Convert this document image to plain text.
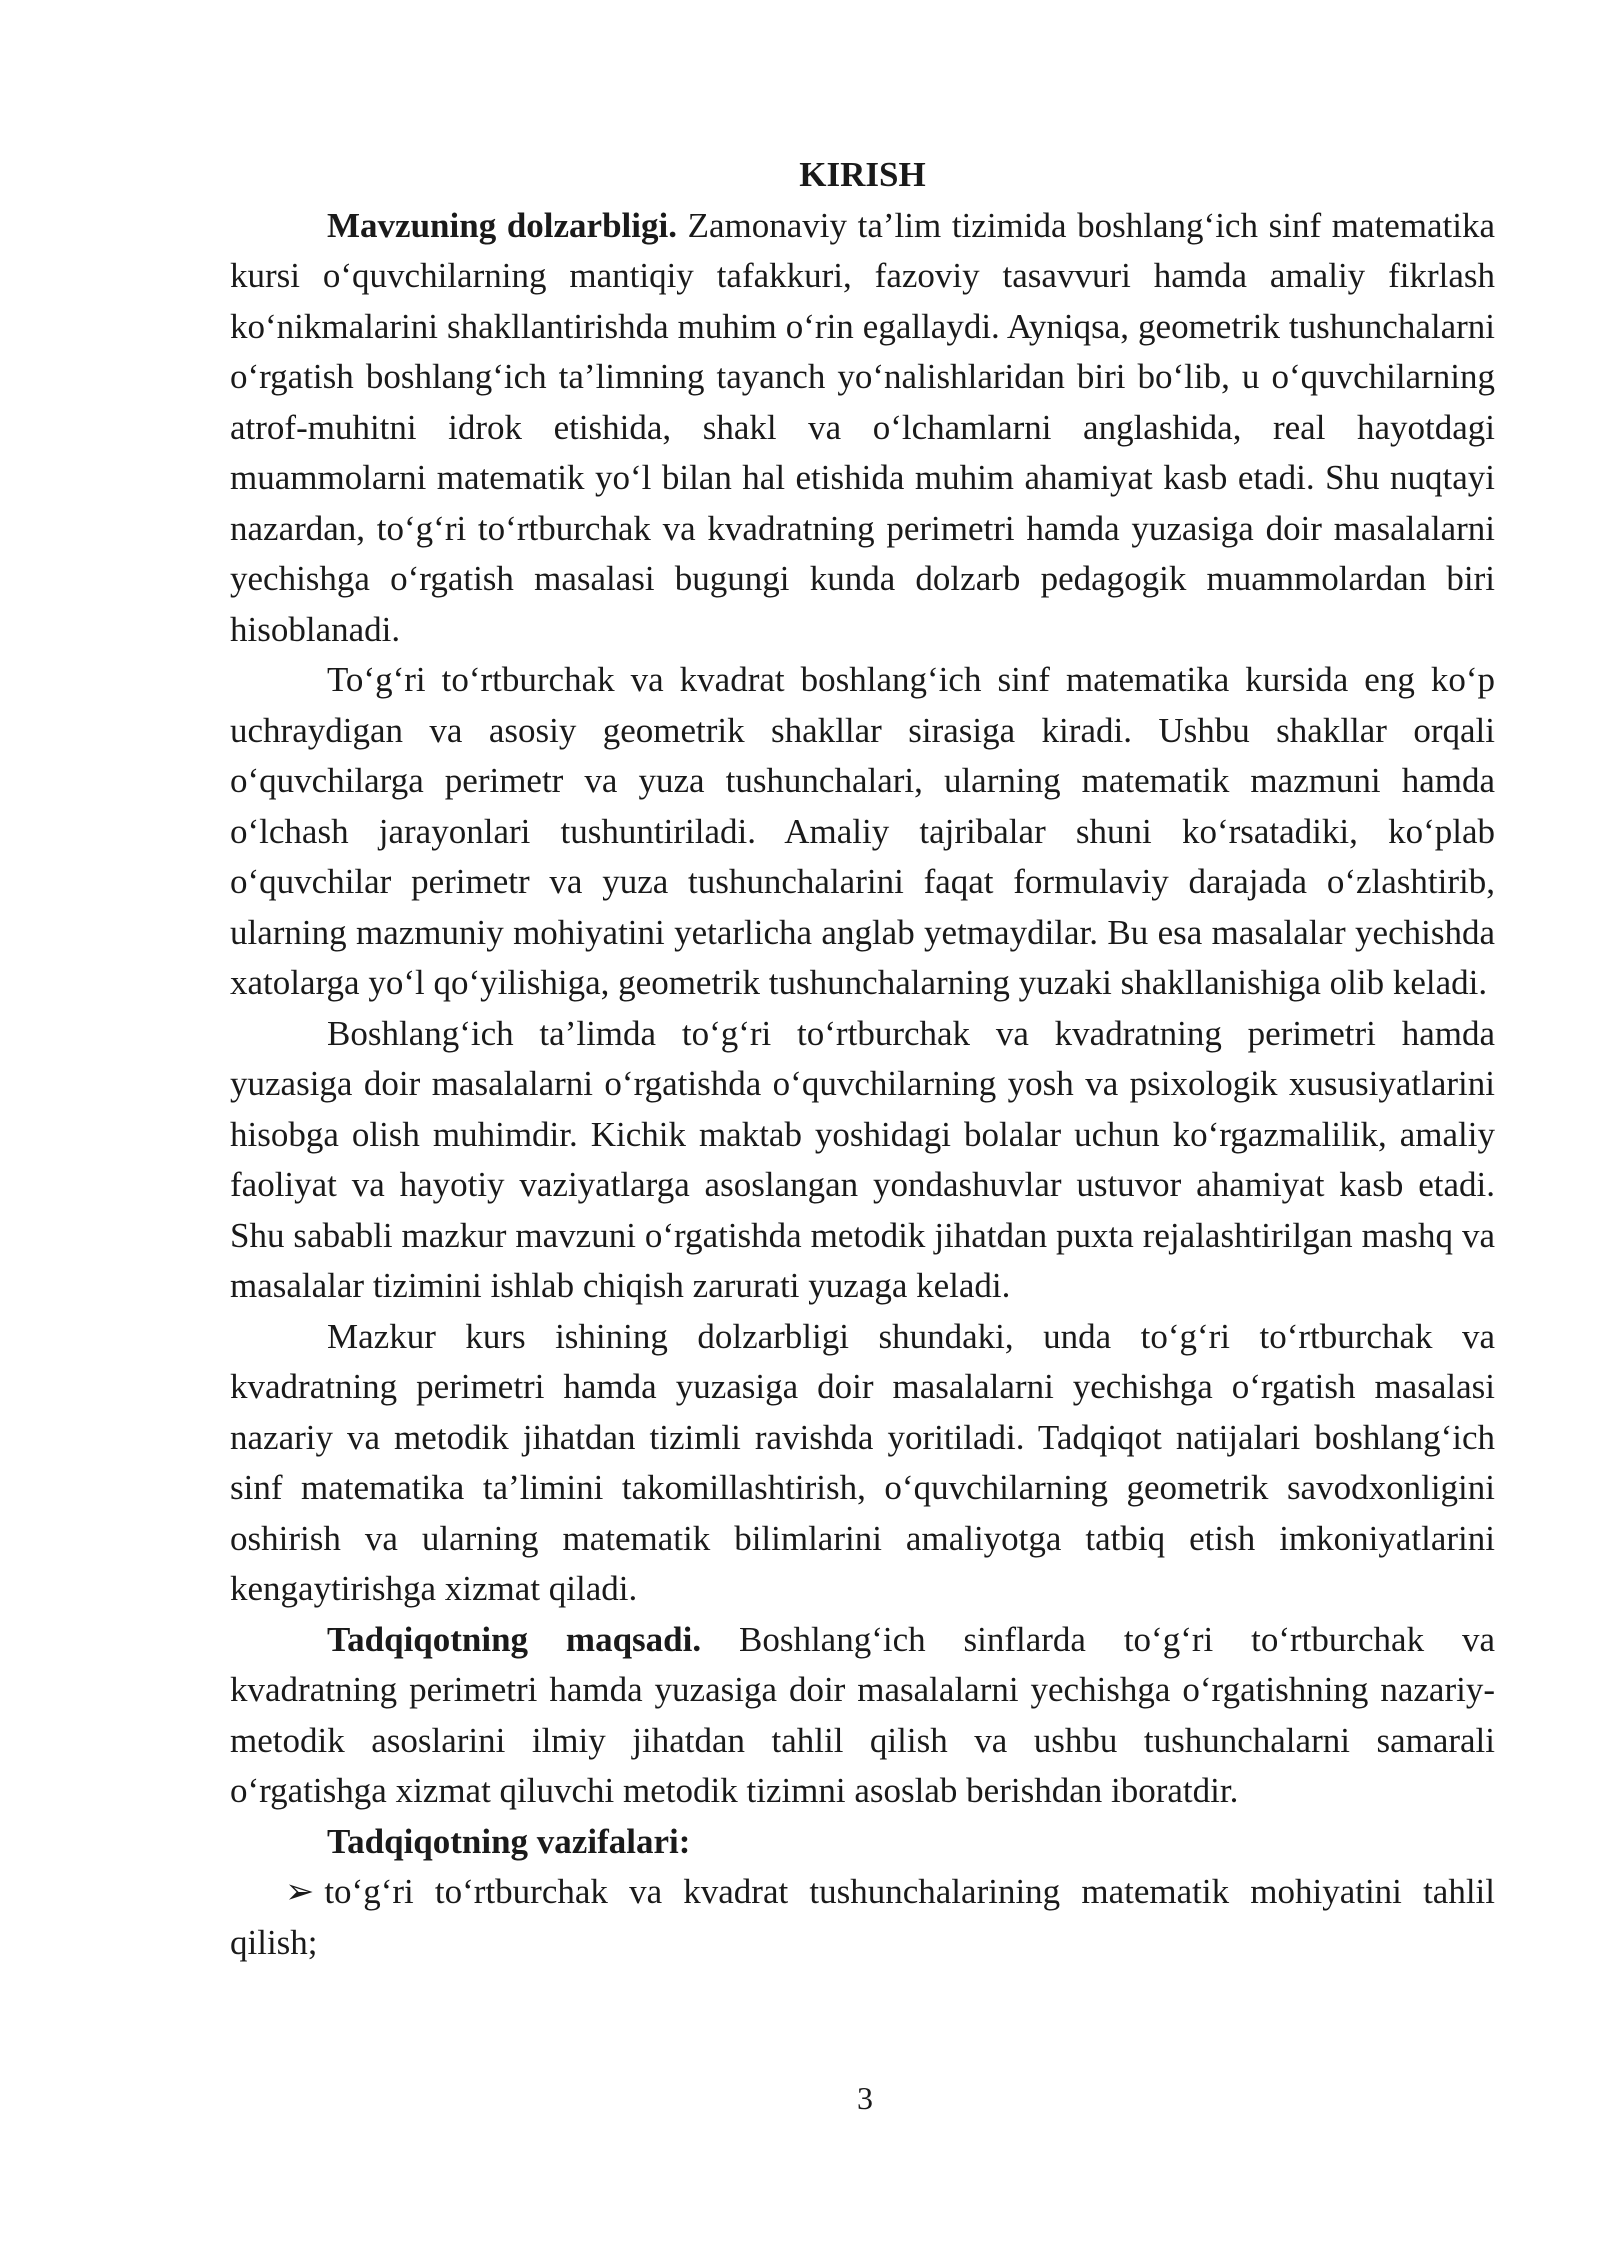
KIRISH

Mavzuning dolzarbligi. Zamonaviy ta’lim tizimida boshlang‘ich sinf matematika kursi o‘quvchilarning mantiqiy tafakkuri, fazoviy tasavvuri hamda amaliy fikrlash ko‘nikmalarini shakllantirishda muhim o‘rin egallaydi. Ayniqsa, geometrik tushunchalarni o‘rgatish boshlang‘ich ta’limning tayanch yo‘nalishlaridan biri bo‘lib, u o‘quvchilarning atrof-muhitni idrok etishida, shakl va o‘lchamlarni anglashida, real hayotdagi muammolarni matematik yo‘l bilan hal etishida muhim ahamiyat kasb etadi. Shu nuqtayi nazardan, to‘g‘ri to‘rtburchak va kvadratning perimetri hamda yuzasiga doir masalalarni yechishga o‘rgatish masalasi bugungi kunda dolzarb pedagogik muammolardan biri hisoblanadi.

To‘g‘ri to‘rtburchak va kvadrat boshlang‘ich sinf matematika kursida eng ko‘p uchraydigan va asosiy geometrik shakllar sirasiga kiradi. Ushbu shakllar orqali o‘quvchilarga perimetr va yuza tushunchalari, ularning matematik mazmuni hamda o‘lchash jarayonlari tushuntiriladi. Amaliy tajribalar shuni ko‘rsatadiki, ko‘plab o‘quvchilar perimetr va yuza tushunchalarini faqat formulaviy darajada o‘zlashtirib, ularning mazmuniy mohiyatini yetarlicha anglab yetmaydilar. Bu esa masalalar yechishda xatolarga yo‘l qo‘yilishiga, geometrik tushunchalarning yuzaki shakllanishiga olib keladi.

Boshlang‘ich ta’limda to‘g‘ri to‘rtburchak va kvadratning perimetri hamda yuzasiga doir masalalarni o‘rgatishda o‘quvchilarning yosh va psixologik xususiyatlarini hisobga olish muhimdir. Kichik maktab yoshidagi bolalar uchun ko‘rgazmalilik, amaliy faoliyat va hayotiy vaziyatlarga asoslangan yondashuvlar ustuvor ahamiyat kasb etadi. Shu sababli mazkur mavzuni o‘rgatishda metodik jihatdan puxta rejalashtirilgan mashq va masalalar tizimini ishlab chiqish zarurati yuzaga keladi.

Mazkur kurs ishining dolzarbligi shundaki, unda to‘g‘ri to‘rtburchak va kvadratning perimetri hamda yuzasiga doir masalalarni yechishga o‘rgatish masalasi nazariy va metodik jihatdan tizimli ravishda yoritiladi. Tadqiqot natijalari boshlang‘ich sinf matematika ta’limini takomillashtirish, o‘quvchilarning geometrik savodxonligini oshirish va ularning matematik bilimlarini amaliyotga tatbiq etish imkoniyatlarini kengaytirishga xizmat qiladi.

Tadqiqotning maqsadi. Boshlang‘ich sinflarda to‘g‘ri to‘rtburchak va kvadratning perimetri hamda yuzasiga doir masalalarni yechishga o‘rgatishning nazariy-metodik asoslarini ilmiy jihatdan tahlil qilish va ushbu tushunchalarni samarali o‘rgatishga xizmat qiluvchi metodik tizimni asoslab berishdan iboratdir.

Tadqiqotning vazifalari:

➢ to‘g‘ri to‘rtburchak va kvadrat tushunchalarining matematik mohiyatini tahlil qilish;

3
